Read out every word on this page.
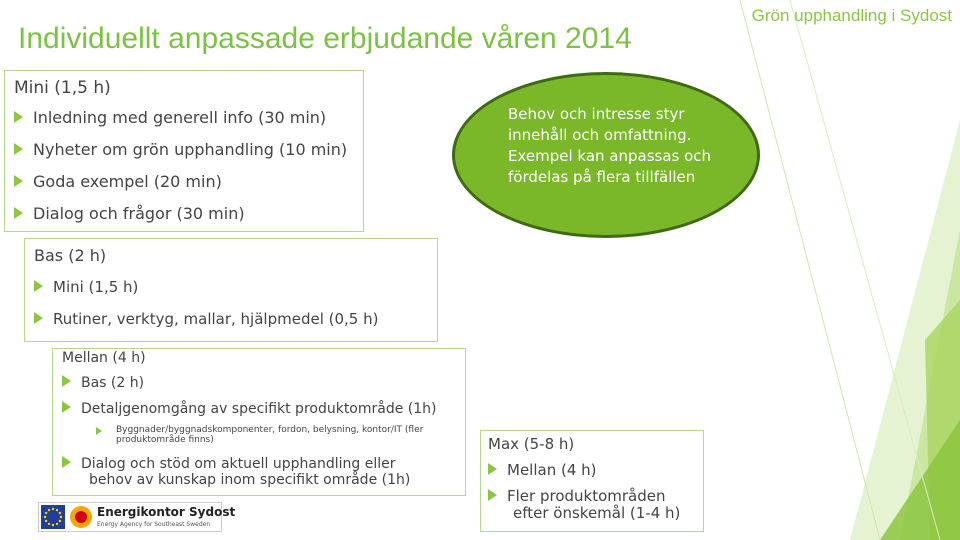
Grön upphandling i Sydost
Individuellt anpassade erbjudande våren 2014
Mini (1,5 h)
Inledning med generell info (30 min)
Nyheter om grön upphandling (10 min)
Goda exempel (20 min)
Dialog och frågor (30 min)
Behov och intresse styr innehåll och omfattning. Exempel kan anpassas och fördelas på flera tillfällen
Bas (2 h)
Mini (1,5 h)
Rutiner, verktyg, mallar, hjälpmedel (0,5 h)
Mellan (4 h)
Bas (2 h)
Detaljgenomgång av specifikt produktområde (1h)
Byggnader/byggnadskomponenter, fordon, belysning, kontor/IT (fler produktområde finns)
Dialog och stöd om aktuell upphandling eller
behov av kunskap inom specifikt område (1h)
Max (5-8 h)
Mellan (4 h)
Fler produktområden
efter önskemål (1-4 h)
Energikontor Sydost
Energy Agency for Southeast Sweden
